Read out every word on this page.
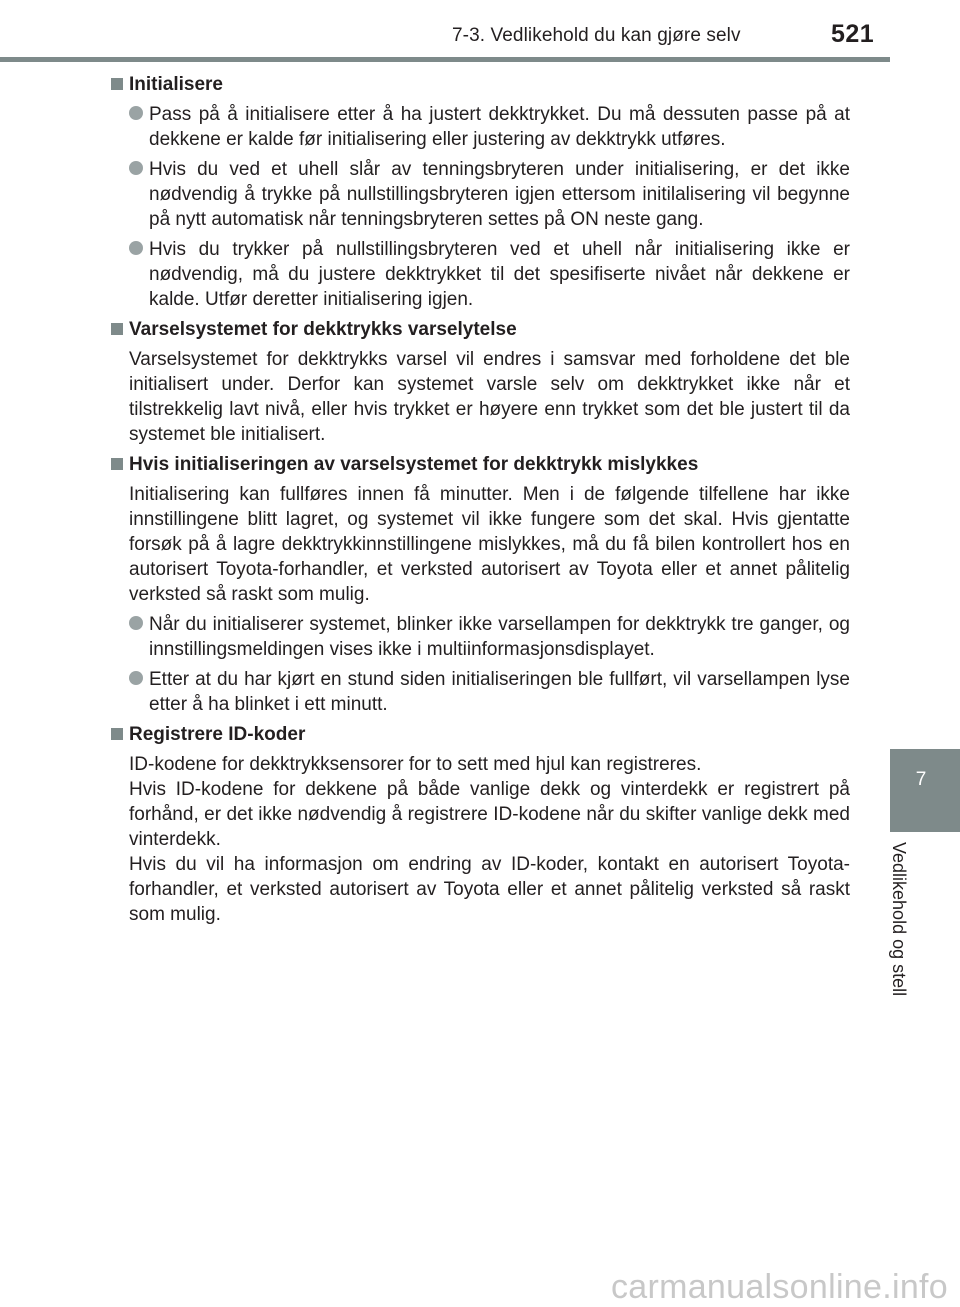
7-3. Vedlikehold du kan gjøre selv	521
7
Vedlikehold og stell
Initialisere
Pass på å initialisere etter å ha justert dekktrykket. Du må dessuten passe på at dekkene er kalde før initialisering eller justering av dekktrykk utføres.
Hvis du ved et uhell slår av tenningsbryteren under initialisering, er det ikke nødvendig å trykke på nullstillingsbryteren igjen ettersom initilalisering vil begynne på nytt automatisk når tenningsbryteren settes på ON neste gang.
Hvis du trykker på nullstillingsbryteren ved et uhell når initialisering ikke er nødvendig, må du justere dekktrykket til det spesifiserte nivået når dekkene er kalde. Utfør deretter initialisering igjen.
Varselsystemet for dekktrykks varselytelse
Varselsystemet for dekktrykks varsel vil endres i samsvar med forholdene det ble initialisert under. Derfor kan systemet varsle selv om dekktrykket ikke når et tilstrekkelig lavt nivå, eller hvis trykket er høyere enn trykket som det ble justert til da systemet ble initialisert.
Hvis initialiseringen av varselsystemet for dekktrykk mislykkes
Initialisering kan fullføres innen få minutter. Men i de følgende tilfellene har ikke innstillingene blitt lagret, og systemet vil ikke fungere som det skal. Hvis gjentatte forsøk på å lagre dekktrykkinnstillingene mislykkes, må du få bilen kontrollert hos en autorisert Toyota-forhandler, et verksted autorisert av Toyota eller et annet pålitelig verksted så raskt som mulig.
Når du initialiserer systemet, blinker ikke varsellampen for dekktrykk tre ganger, og innstillingsmeldingen vises ikke i multiinformasjonsdisplayet.
Etter at du har kjørt en stund siden initialiseringen ble fullført, vil varsellampen lyse etter å ha blinket i ett minutt.
Registrere ID-koder
ID-kodene for dekktrykksensorer for to sett med hjul kan registreres.
Hvis ID-kodene for dekkene på både vanlige dekk og vinterdekk er registrert på forhånd, er det ikke nødvendig å registrere ID-kodene når du skifter vanlige dekk med vinterdekk.
Hvis du vil ha informasjon om endring av ID-koder, kontakt en autorisert Toyota-forhandler, et verksted autorisert av Toyota eller et annet pålitelig verksted så raskt som mulig.
carmanualsonline.info
